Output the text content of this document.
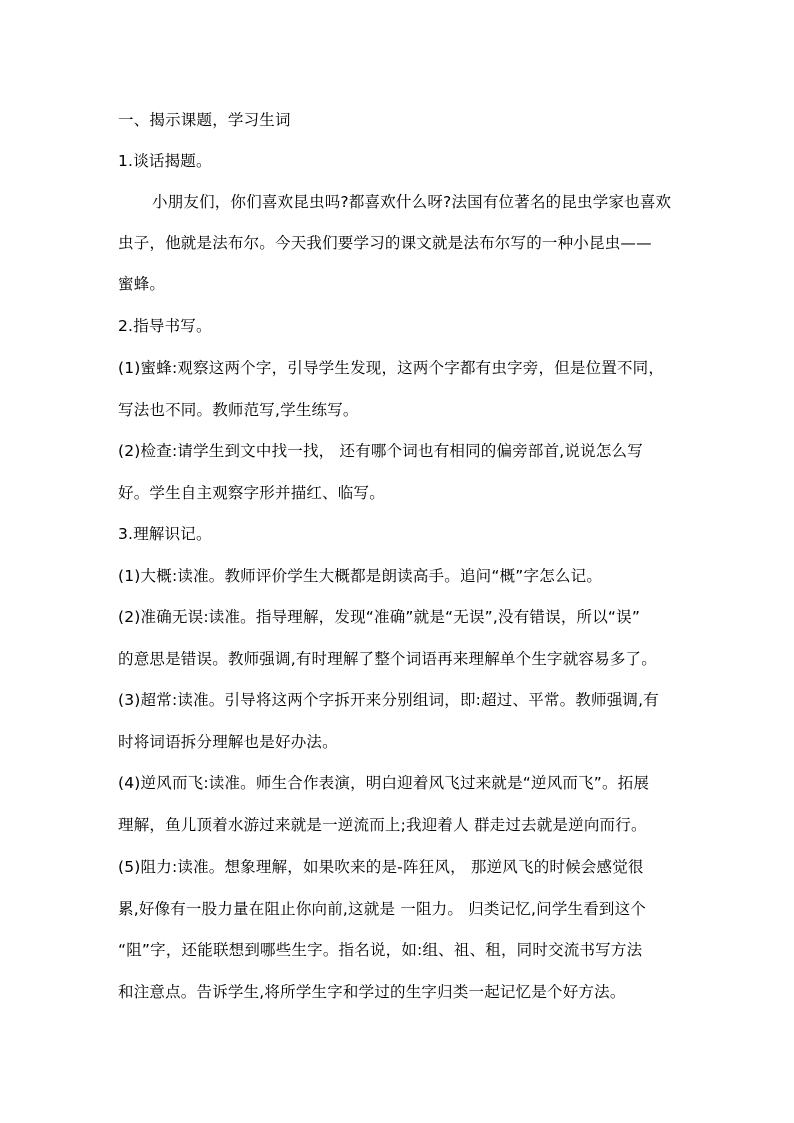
一、揭示课题，学习生词
1.谈话揭题。
小朋友们，你们喜欢昆虫吗?都喜欢什么呀?法国有位著名的昆虫学家也喜欢
虫子，他就是法布尔。今天我们要学习的课文就是法布尔写的一种小昆虫——
蜜蜂。
2.指导书写。
(1)蜜蜂:观察这两个字，引导学生发现，这两个字都有虫字旁，但是位置不同，
写法也不同。教师范写,学生练写。
(2)检查:请学生到文中找一找， 还有哪个词也有相同的偏旁部首,说说怎么写
好。学生自主观察字形并描红、临写。
3.理解识记。
(1)大概:读准。教师评价学生大概都是朗读高手。追问“概”字怎么记。
(2)准确无误:读准。指导理解，发现“准确”就是“无误”,没有错误，所以“误”
的意思是错误。教师强调,有时理解了整个词语再来理解单个生字就容易多了。
(3)超常:读准。引导将这两个字拆开来分别组词，即:超过、平常。教师强调,有
时将词语拆分理解也是好办法。
(4)逆风而飞:读准。师生合作表演，明白迎着风飞过来就是“逆风而飞”。拓展
理解，鱼儿顶着水游过来就是一逆流而上;我迎着人 群走过去就是逆向而行。
(5)阻力:读准。想象理解，如果吹来的是-阵狂风， 那逆风飞的时候会感觉很
累,好像有一股力量在阻止你向前,这就是 一阻力。 归类记忆,问学生看到这个
“阻”字，还能联想到哪些生字。指名说，如:组、祖、租，同时交流书写方法
和注意点。告诉学生,将所学生字和学过的生字归类一起记忆是个好方法。
